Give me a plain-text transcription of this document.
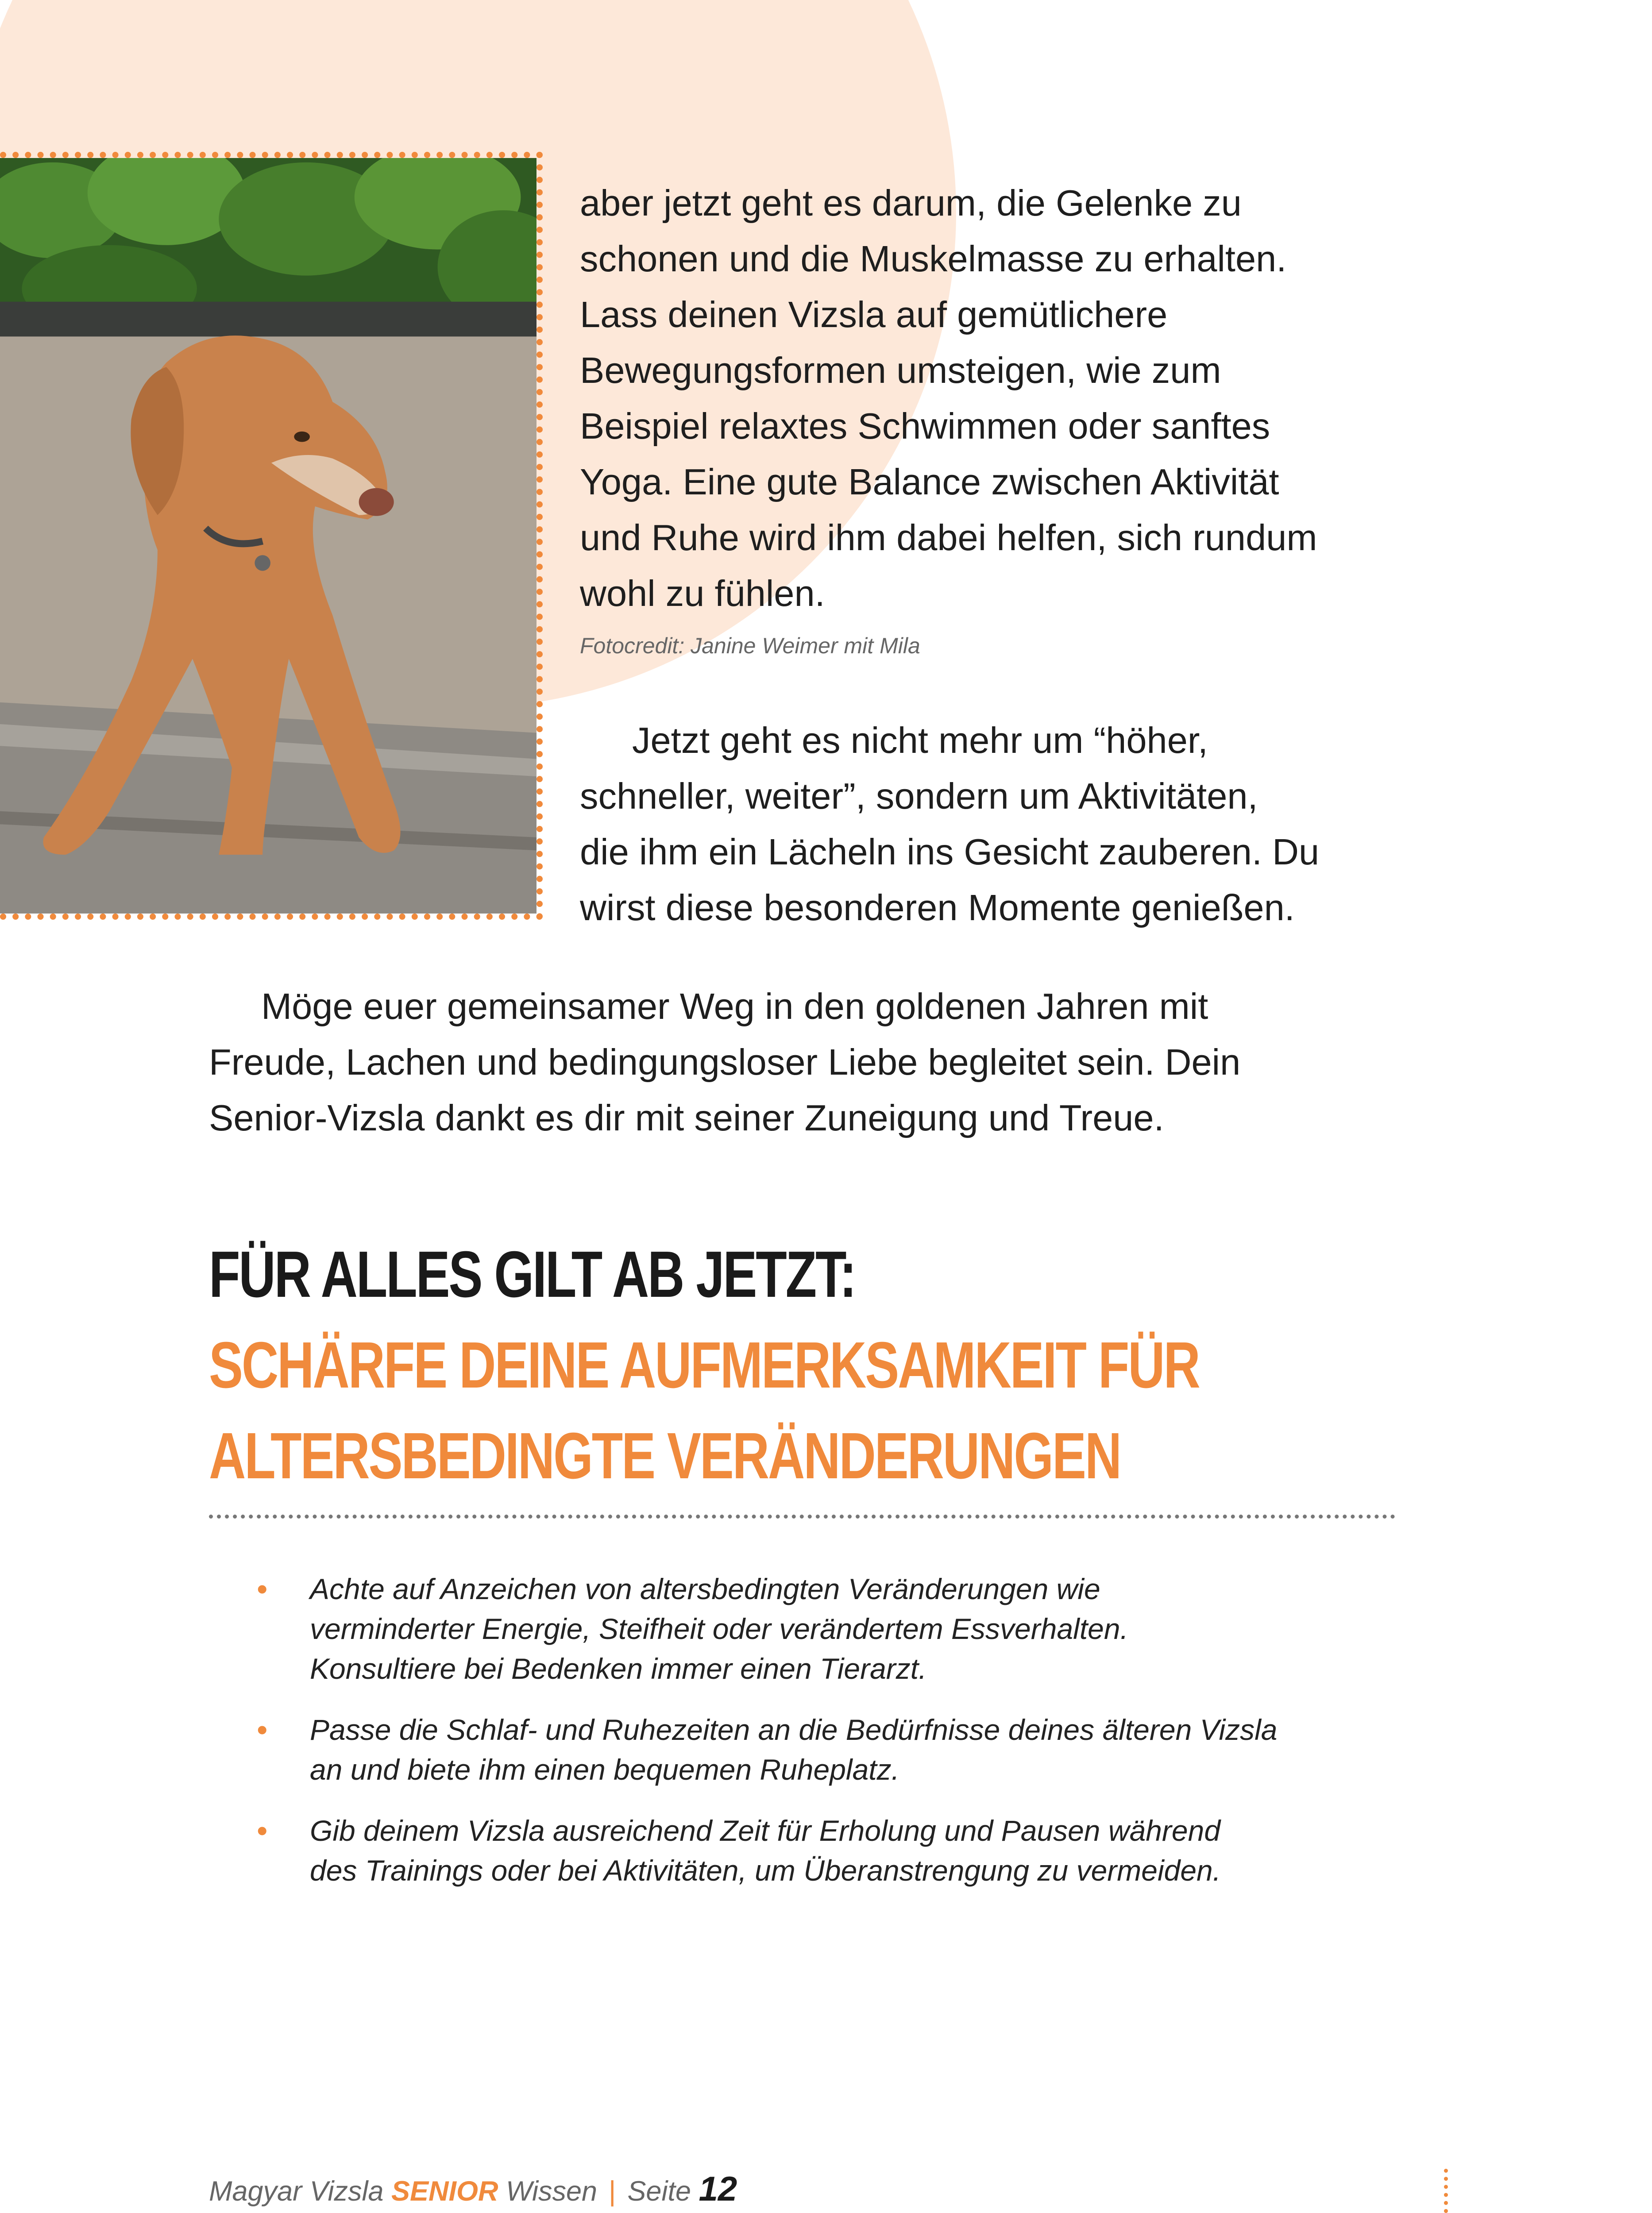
aber jetzt geht es darum, die Gelenke zu
schonen und die Muskelmasse zu erhalten.
Lass deinen Vizsla auf gemütlichere
Bewegungsformen umsteigen, wie zum
Beispiel relaxtes Schwimmen oder sanftes
Yoga. Eine gute Balance zwischen Aktivität
und Ruhe wird ihm dabei helfen, sich rundum
wohl zu fühlen.
Fotocredit: Janine Weimer mit Mila
Jetzt geht es nicht mehr um “höher,
schneller, weiter”, sondern um Aktivitäten,
die ihm ein Lächeln ins Gesicht zauberen. Du
wirst diese besonderen Momente genießen.
Möge euer gemeinsamer Weg in den goldenen Jahren mit
Freude, Lachen und bedingungsloser Liebe begleitet sein. Dein
Senior-Vizsla dankt es dir mit seiner Zuneigung und Treue.
FÜR ALLES GILT AB JETZT:
SCHÄRFE DEINE AUFMERKSAMKEIT FÜR
ALTERSBEDINGTE VERÄNDERUNGEN
• Achte auf Anzeichen von altersbedingten Veränderungen wie
verminderter Energie, Steifheit oder verändertem Essverhalten.
Konsultiere bei Bedenken immer einen Tierarzt.
• Passe die Schlaf- und Ruhezeiten an die Bedürfnisse deines älteren Vizsla
an und biete ihm einen bequemen Ruheplatz.
• Gib deinem Vizsla ausreichend Zeit für Erholung und Pausen während
des Trainings oder bei Aktivitäten, um Überanstrengung zu vermeiden.
Magyar Vizsla SENIOR Wissen | Seite 12
